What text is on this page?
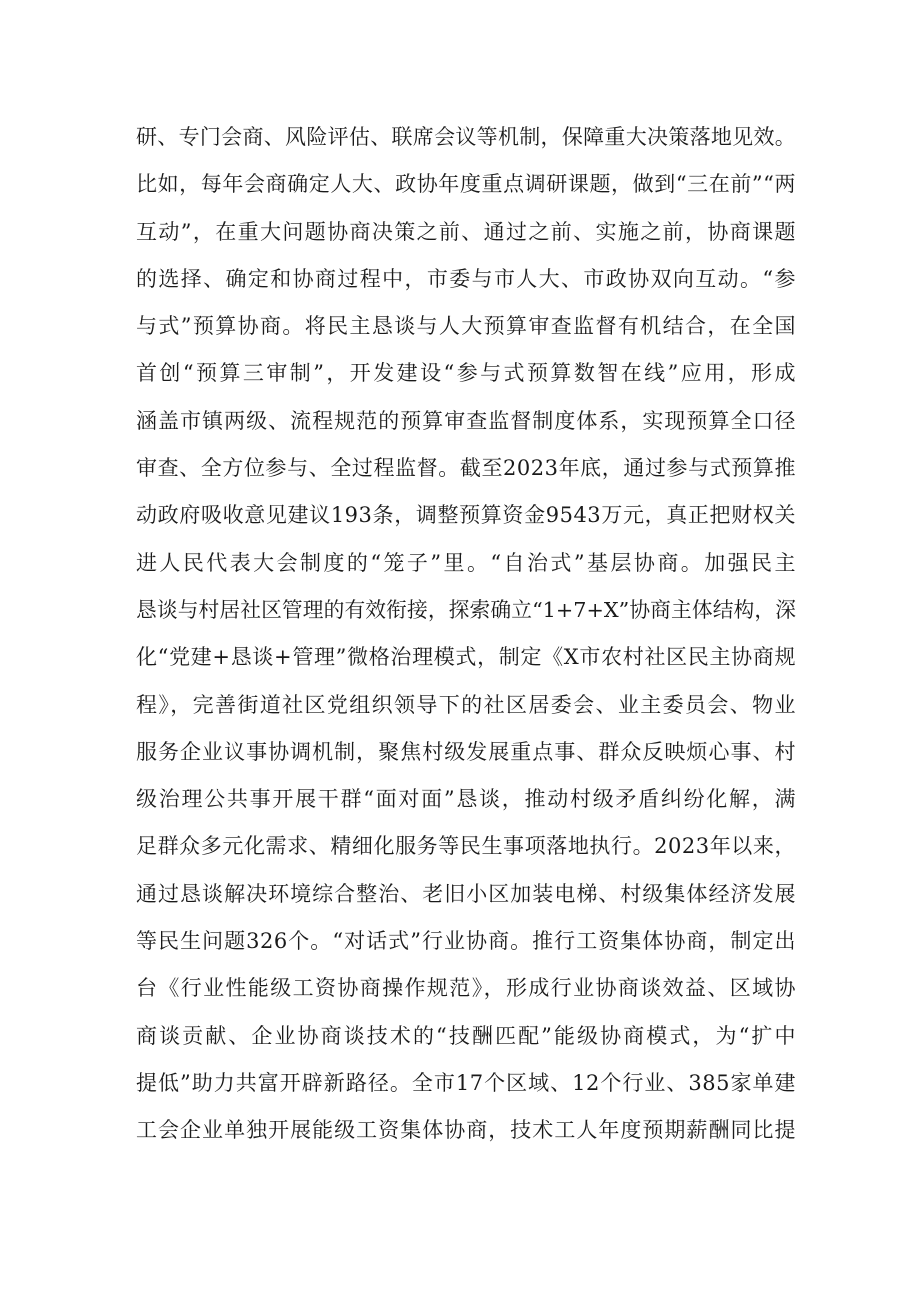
研、专门会商、风险评估、联席会议等机制，保障重大决策落地见效。
比如，每年会商确定人大、政协年度重点调研课题，做到“三在前”“两
互动”，在重大问题协商决策之前、通过之前、实施之前，协商课题
的选择、确定和协商过程中，市委与市人大、市政协双向互动。“参
与式”预算协商。将民主恳谈与人大预算审查监督有机结合，在全国
首创“预算三审制”，开发建设“参与式预算数智在线”应用，形成
涵盖市镇两级、流程规范的预算审查监督制度体系，实现预算全口径
审查、全方位参与、全过程监督。截至2023年底，通过参与式预算推
动政府吸收意见建议193条，调整预算资金9543万元，真正把财权关
进人民代表大会制度的“笼子”里。“自治式”基层协商。加强民主
恳谈与村居社区管理的有效衔接，探索确立“1+7+X”协商主体结构，深
化“党建+恳谈+管理”微格治理模式，制定《X市农村社区民主协商规
程》，完善街道社区党组织领导下的社区居委会、业主委员会、物业
服务企业议事协调机制，聚焦村级发展重点事、群众反映烦心事、村
级治理公共事开展干群“面对面”恳谈，推动村级矛盾纠纷化解，满
足群众多元化需求、精细化服务等民生事项落地执行。2023年以来，
通过恳谈解决环境综合整治、老旧小区加装电梯、村级集体经济发展
等民生问题326个。“对话式”行业协商。推行工资集体协商，制定出
台《行业性能级工资协商操作规范》，形成行业协商谈效益、区域协
商谈贡献、企业协商谈技术的“技酬匹配”能级协商模式，为“扩中
提低”助力共富开辟新路径。全市17个区域、12个行业、385家单建
工会企业单独开展能级工资集体协商，技术工人年度预期薪酬同比提
